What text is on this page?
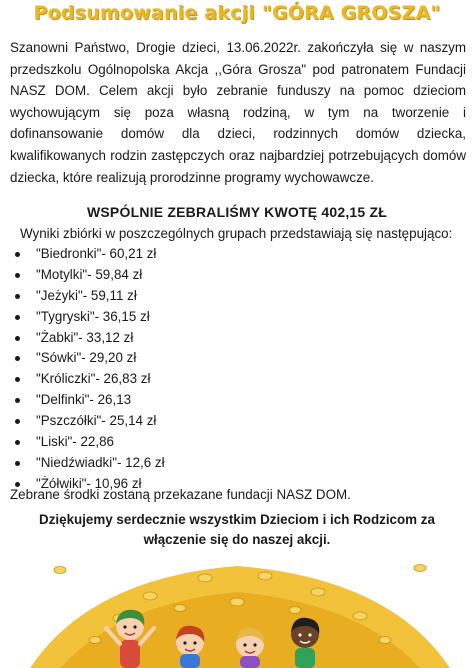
Podsumowanie akcji "GÓRA GROSZA"
Szanowni Państwo, Drogie dzieci, 13.06.2022r. zakończyła się w naszym przedszkolu Ogólnopolska Akcja ,,Góra Grosza" pod patronatem Fundacji NASZ DOM. Celem akcji było zebranie funduszy na pomoc dzieciom wychowującym się poza własną rodziną, w tym na tworzenie i dofinansowanie domów dla dzieci, rodzinnych domów dziecka, kwalifikowanych rodzin zastępczych oraz najbardziej potrzebujących domów dziecka, które realizują prorodzinne programy wychowawcze.
WSPÓLNIE ZEBRALIŚMY KWOTĘ 402,15 ZŁ
Wyniki zbiórki w poszczególnych grupach przedstawiają się następująco:
"Biedronki"- 60,21 zł
"Motylki"- 59,84 zł
"Jeżyki"- 59,11 zł
"Tygryski"- 36,15 zł
"Żabki"- 33,12 zł
"Sówki"- 29,20 zł
"Króliczki"- 26,83 zł
"Delfinki"- 26,13
"Pszczółki"- 25,14 zł
"Liski"- 22,86
"Niedźwiadki"- 12,6 zł
"Żółwiki"- 10,96 zł
Zebrane środki zostaną przekazane fundacji NASZ DOM.
Dziękujemy serdecznie wszystkim Dzieciom i ich Rodzicom za
włączenie się do naszej akcji.
